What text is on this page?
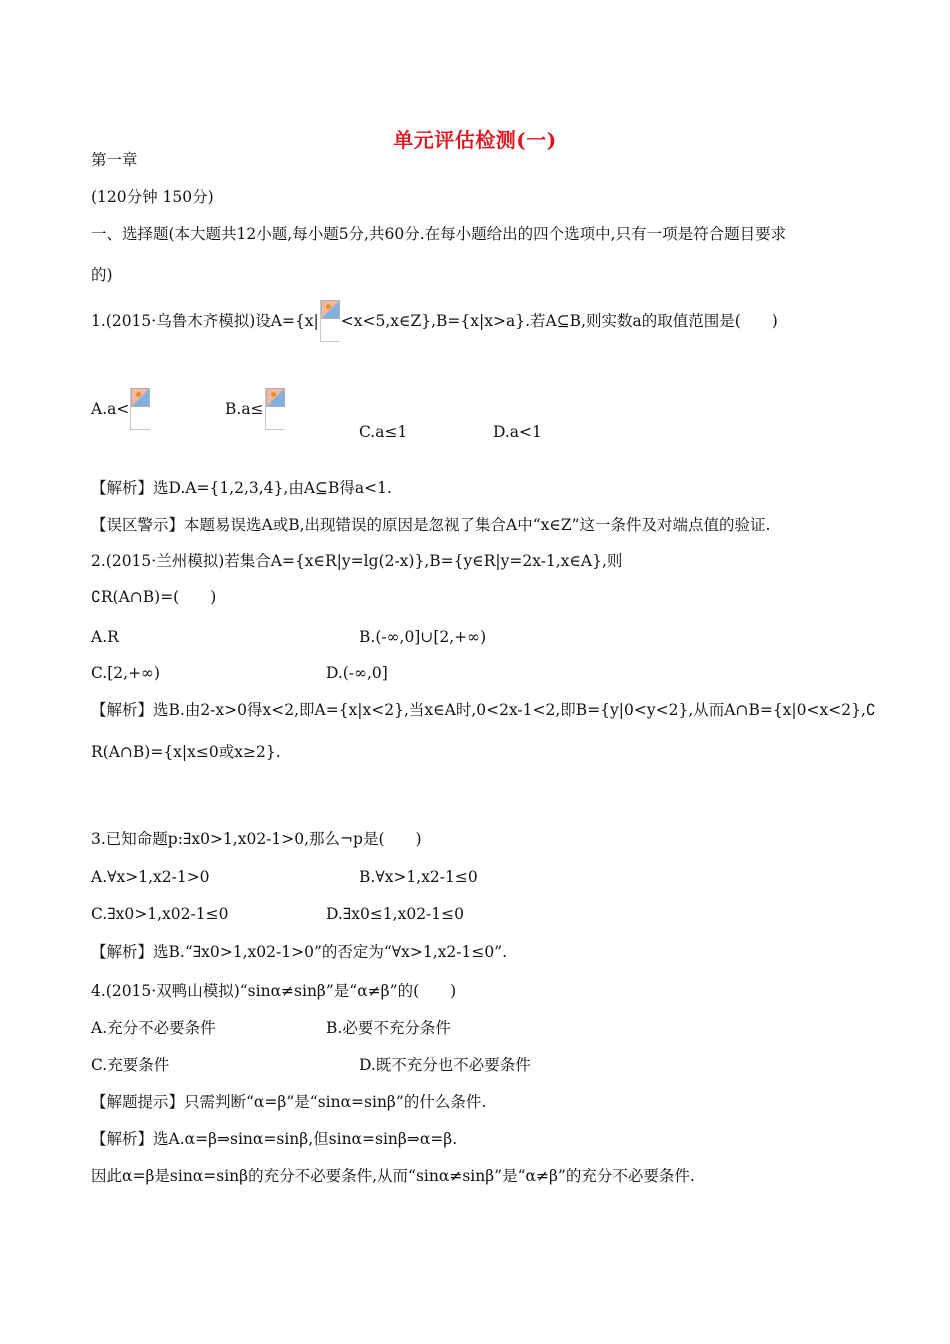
单元评估检测(一)
第一章
(120分钟 150分)
一、选择题(本大题共12小题,每小题5分,共60分.在每小题给出的四个选项中,只有一项是符合题目要求
的)
1.(2015·乌鲁木齐模拟)设A={x| <x<5,x∈Z},B={x|x>a}.若A⊆B,则实数a的取值范围是(　　)
A.a<	B.a≤
C.a≤1	D.a<1
【解析】选D.A={1,2,3,4},由A⊆B得a<1.
【误区警示】本题易误选A或B,出现错误的原因是忽视了集合A中“x∈Z”这一条件及对端点值的验证.
2.(2015·兰州模拟)若集合A={x∈R|y=lg(2-x)},B={y∈R|y=2x-1,x∈A},则
∁R(A∩B)=(　　)
A.R	B.(-∞,0]∪[2,+∞)
C.[2,+∞)	D.(-∞,0]
【解析】选B.由2-x>0得x<2,即A={x|x<2},当x∈A时,0<2x-1<2,即B={y|0<y<2},从而A∩B={x|0<x<2},∁
R(A∩B)={x|x≤0或x≥2}.
3.已知命题p:∃x0>1,x02-1>0,那么¬p是(　　)
A.∀x>1,x2-1>0	B.∀x>1,x2-1≤0
C.∃x0>1,x02-1≤0	D.∃x0≤1,x02-1≤0
【解析】选B.“∃x0>1,x02-1>0”的否定为“∀x>1,x2-1≤0”.
4.(2015·双鸭山模拟)“sinα≠sinβ”是“α≠β”的(　　)
A.充分不必要条件	B.必要不充分条件
C.充要条件	D.既不充分也不必要条件
【解题提示】只需判断“α=β”是“sinα=sinβ”的什么条件.
【解析】选A.α=β⇒sinα=sinβ,但sinα=sinβ⇒α=β.
因此α=β是sinα=sinβ的充分不必要条件,从而“sinα≠sinβ”是“α≠β”的充分不必要条件.
